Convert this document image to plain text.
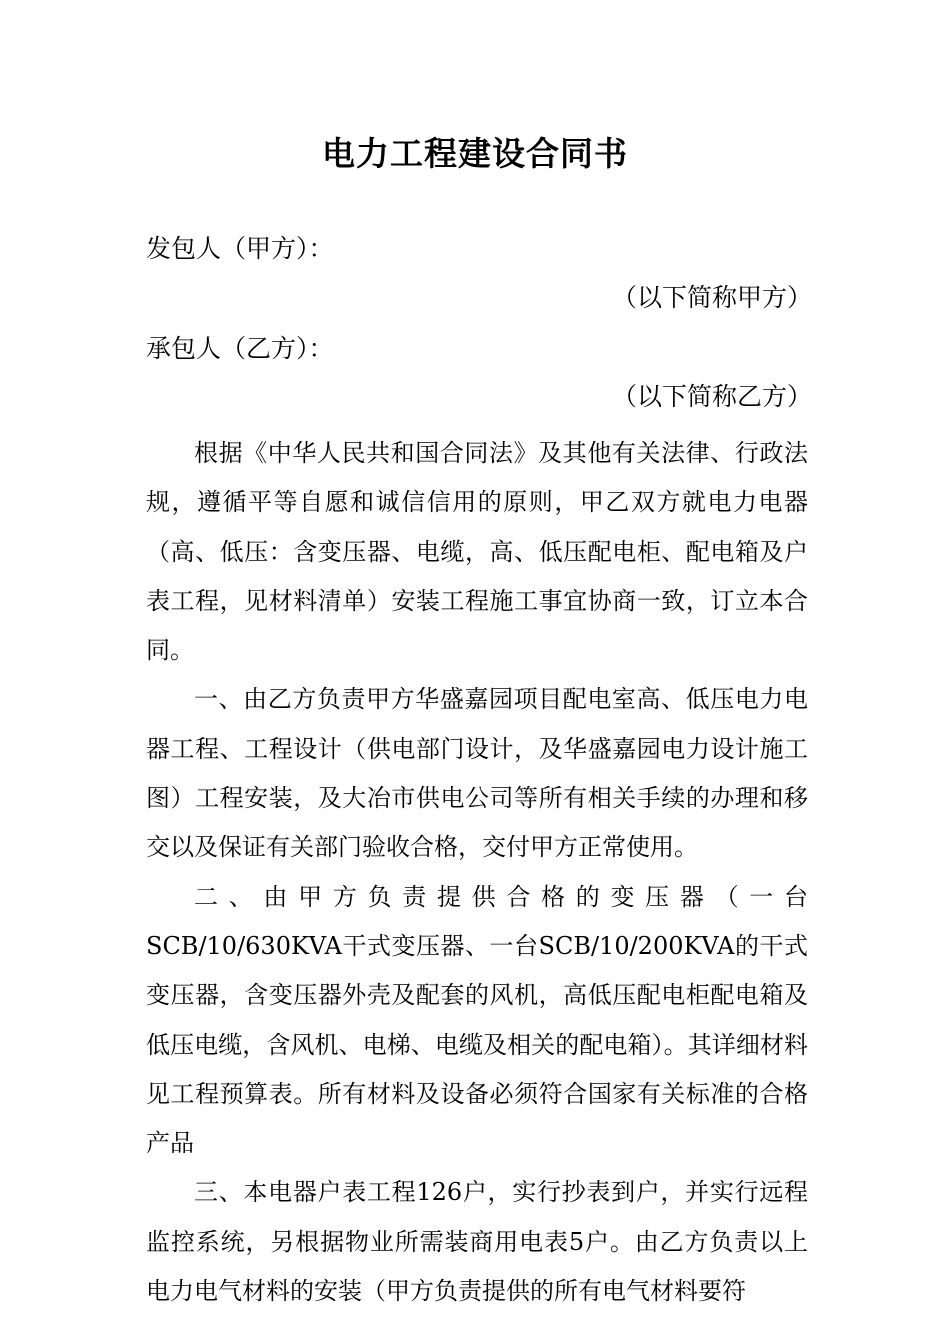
电力工程建设合同书

发包人（甲方）：

（以下简称甲方）

承包人（乙方）：

（以下简称乙方）

根据《中华人民共和国合同法》及其他有关法律、行政法规，遵循平等自愿和诚信信用的原则，甲乙双方就电力电器（高、低压：含变压器、电缆，高、低压配电柜、配电箱及户表工程，见材料清单）安装工程施工事宜协商一致，订立本合同。

一、由乙方负责甲方华盛嘉园项目配电室高、低压电力电器工程、工程设计（供电部门设计，及华盛嘉园电力设计施工图）工程安装，及大冶市供电公司等所有相关手续的办理和移交以及保证有关部门验收合格，交付甲方正常使用。

二、由甲方负责提供合格的变压器（一台SCB/10/630KVA干式变压器、一台SCB/10/200KVA的干式变压器，含变压器外壳及配套的风机，高低压配电柜配电箱及低压电缆，含风机、电梯、电缆及相关的配电箱）。其详细材料见工程预算表。所有材料及设备必须符合国家有关标准的合格产品

三、本电器户表工程126户，实行抄表到户，并实行远程监控系统，另根据物业所需装商用电表5户。由乙方负责以上电力电气材料的安装（甲方负责提供的所有电气材料要符
